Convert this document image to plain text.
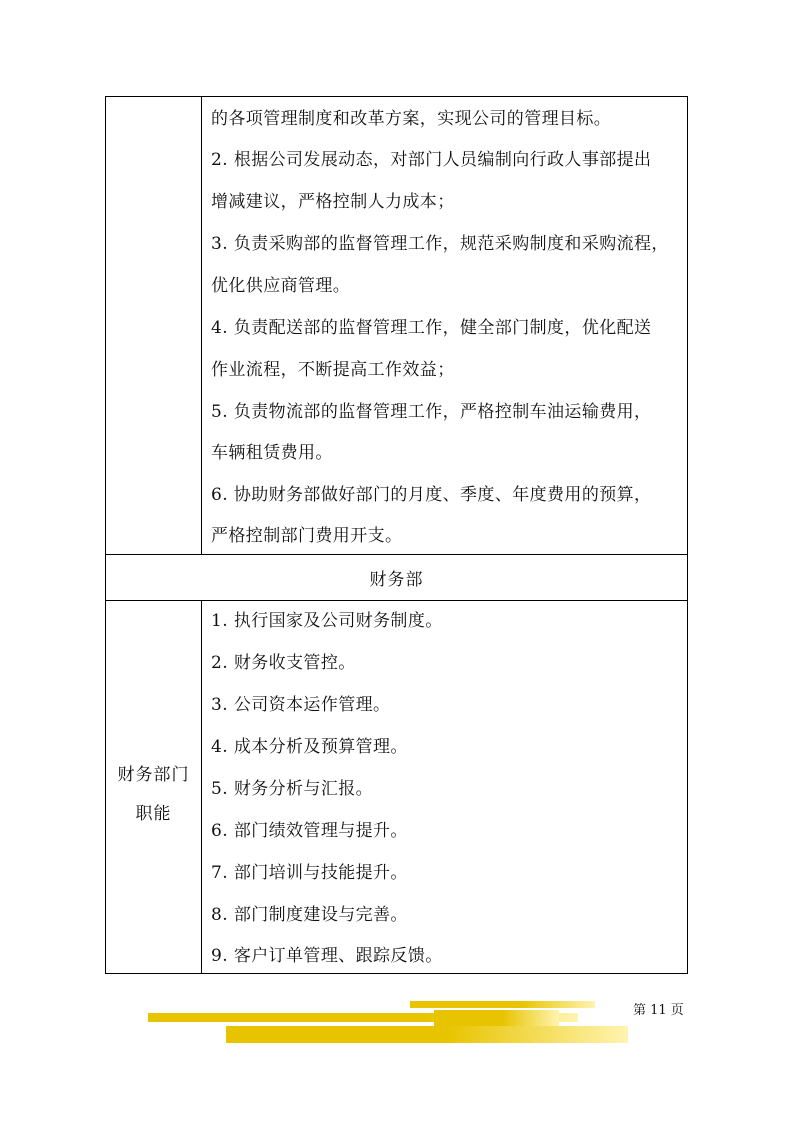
的各项管理制度和改革方案，实现公司的管理目标。
2. 根据公司发展动态，对部门人员编制向行政人事部提出
增减建议，严格控制人力成本；
3. 负责采购部的监督管理工作，规范采购制度和采购流程，
优化供应商管理。
4. 负责配送部的监督管理工作，健全部门制度，优化配送
作业流程，不断提高工作效益；
5. 负责物流部的监督管理工作，严格控制车油运输费用，
车辆租赁费用。
6. 协助财务部做好部门的月度、季度、年度费用的预算，
严格控制部门费用开支。
财务部
财务部门
职能
1. 执行国家及公司财务制度。
2. 财务收支管控。
3. 公司资本运作管理。
4. 成本分析及预算管理。
5. 财务分析与汇报。
6. 部门绩效管理与提升。
7. 部门培训与技能提升。
8. 部门制度建设与完善。
9. 客户订单管理、跟踪反馈。
第 11 页
